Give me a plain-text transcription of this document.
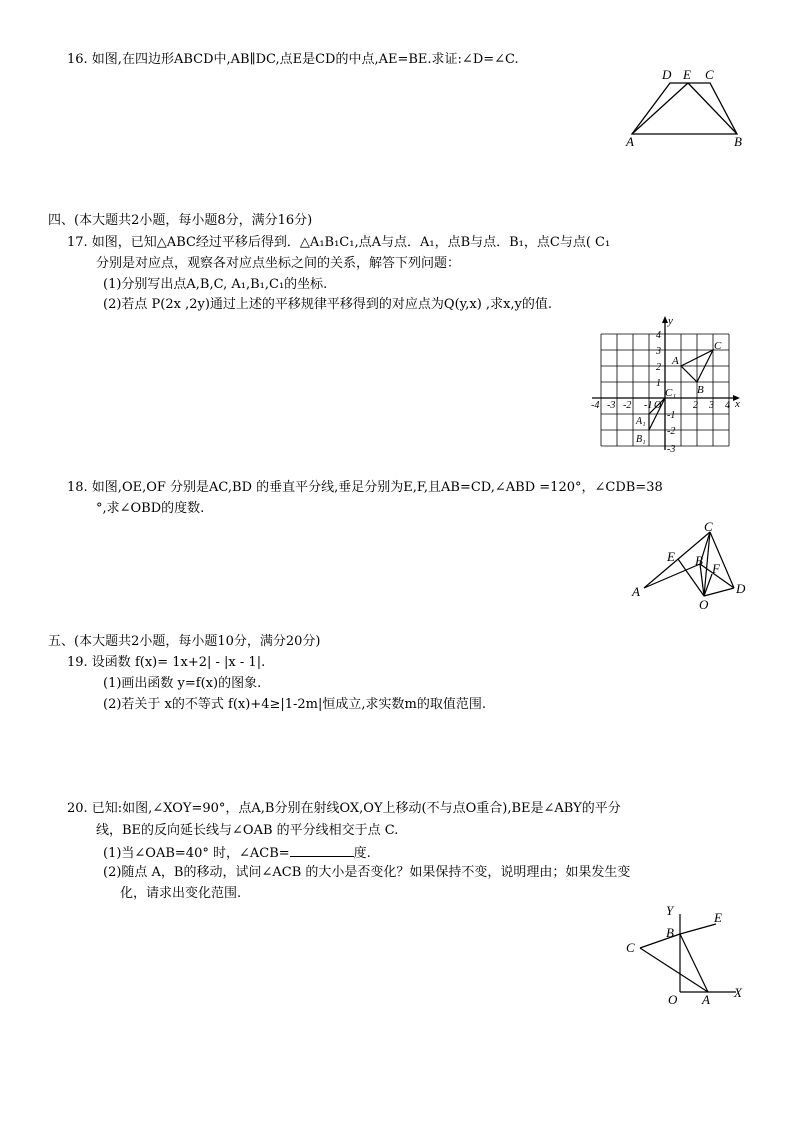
16. 如图,在四边形ABCD中,AB∥DC,点E是CD的中点,AE=BE.求证:∠D=∠C.
D E C
A	B
四、(本大题共2小题，每小题8分，满分16分)
17. 如图，已知△ABC经过平移后得到．△A₁B₁C₁,点A与点．A₁，点B与点．B₁，点C与点( C₁
分别是对应点，观察各对应点坐标之间的关系，解答下列问题：
(1)分别写出点A,B,C, A₁,B₁,C₁的坐标.
(2)若点 P(2x ,2y)通过上述的平移规律平移得到的对应点为Q(y,x) ,求x,y的值.
y
x
4
3
2
1
-1
-2
-3
-4 -3 -2 -1 O	2 3 4
A
B
C
C₁
A₁
B₁
18. 如图,OE,OF 分别是AC,BD 的垂直平分线,垂足分别为E,F,且AB=CD,∠ABD =120°，∠CDB=38
°,求∠OBD的度数.
A
B
C
D
E
F
O
五、(本大题共2小题，每小题10分，满分20分)
19. 设函数 f(x)= 1x+2| - |x - 1|.
(1)画出函数 y=f(x)的图象.
(2)若关于 x的不等式 f(x)+4≥|1-2m|恒成立,求实数m的取值范围.
20. 已知:如图,∠XOY=90°，点A,B分别在射线OX,OY上移动(不与点O重合),BE是∠ABY的平分
线，BE的反向延长线与∠OAB 的平分线相交于点 C.
(1)当∠OAB=40° 时，∠ACB=	度.
(2)随点 A，B的移动，试问∠ACB 的大小是否变化？如果保持不变，说明理由；如果发生变
化，请求出变化范围.
Y
X
O A
B
C
E
